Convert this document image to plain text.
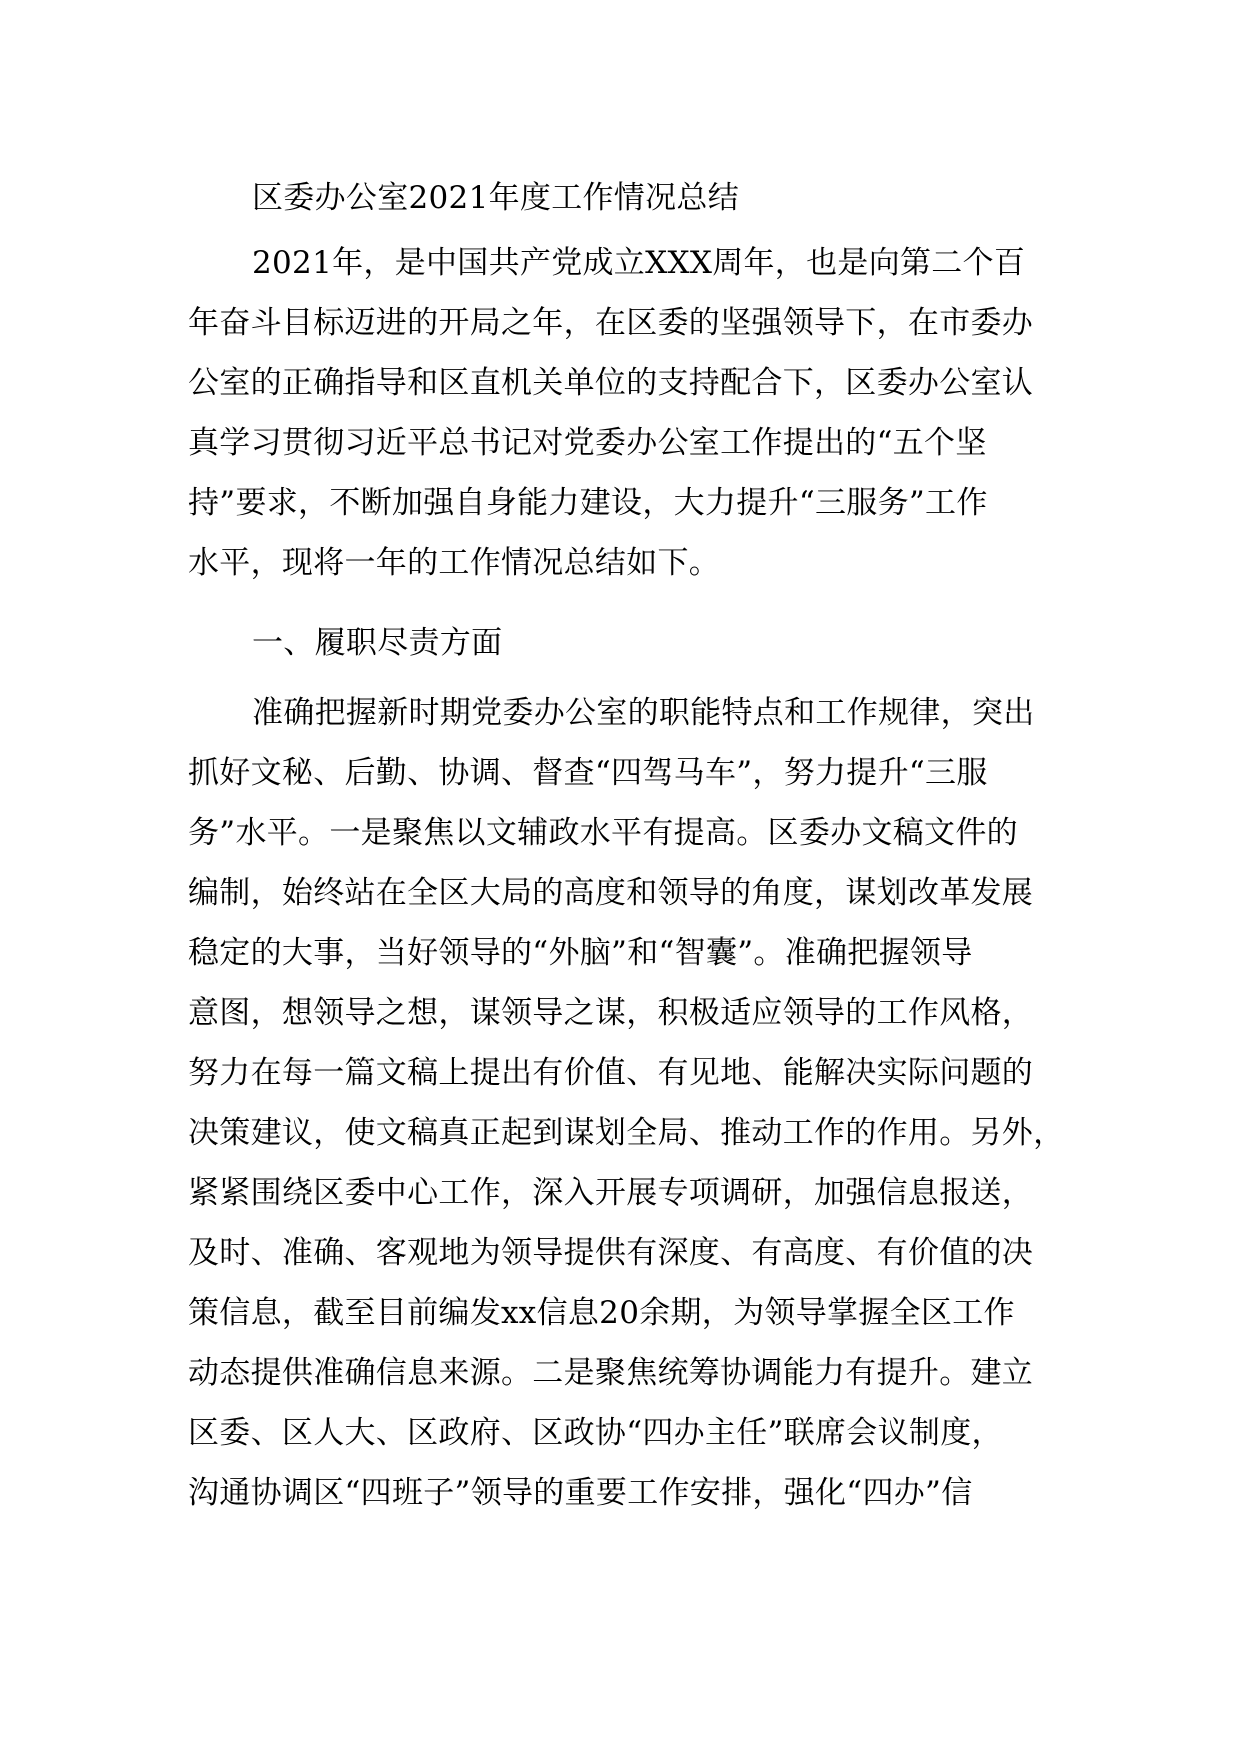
区委办公室2021年度工作情况总结
2021年，是中国共产党成立XXX周年，也是向第二个百
年奋斗目标迈进的开局之年，在区委的坚强领导下，在市委办
公室的正确指导和区直机关单位的支持配合下，区委办公室认
真学习贯彻习近平总书记对党委办公室工作提出的“五个坚
持”要求，不断加强自身能力建设，大力提升“三服务”工作
水平，现将一年的工作情况总结如下。
一、履职尽责方面
准确把握新时期党委办公室的职能特点和工作规律，突出
抓好文秘、后勤、协调、督查“四驾马车”，努力提升“三服
务”水平。一是聚焦以文辅政水平有提高。区委办文稿文件的
编制，始终站在全区大局的高度和领导的角度，谋划改革发展
稳定的大事，当好领导的“外脑”和“智囊”。准确把握领导
意图，想领导之想，谋领导之谋，积极适应领导的工作风格，
努力在每一篇文稿上提出有价值、有见地、能解决实际问题的
决策建议，使文稿真正起到谋划全局、推动工作的作用。另外，
紧紧围绕区委中心工作，深入开展专项调研，加强信息报送，
及时、准确、客观地为领导提供有深度、有高度、有价值的决
策信息，截至目前编发xx信息20余期，为领导掌握全区工作
动态提供准确信息来源。二是聚焦统筹协调能力有提升。建立
区委、区人大、区政府、区政协“四办主任”联席会议制度，
沟通协调区“四班子”领导的重要工作安排，强化“四办”信
